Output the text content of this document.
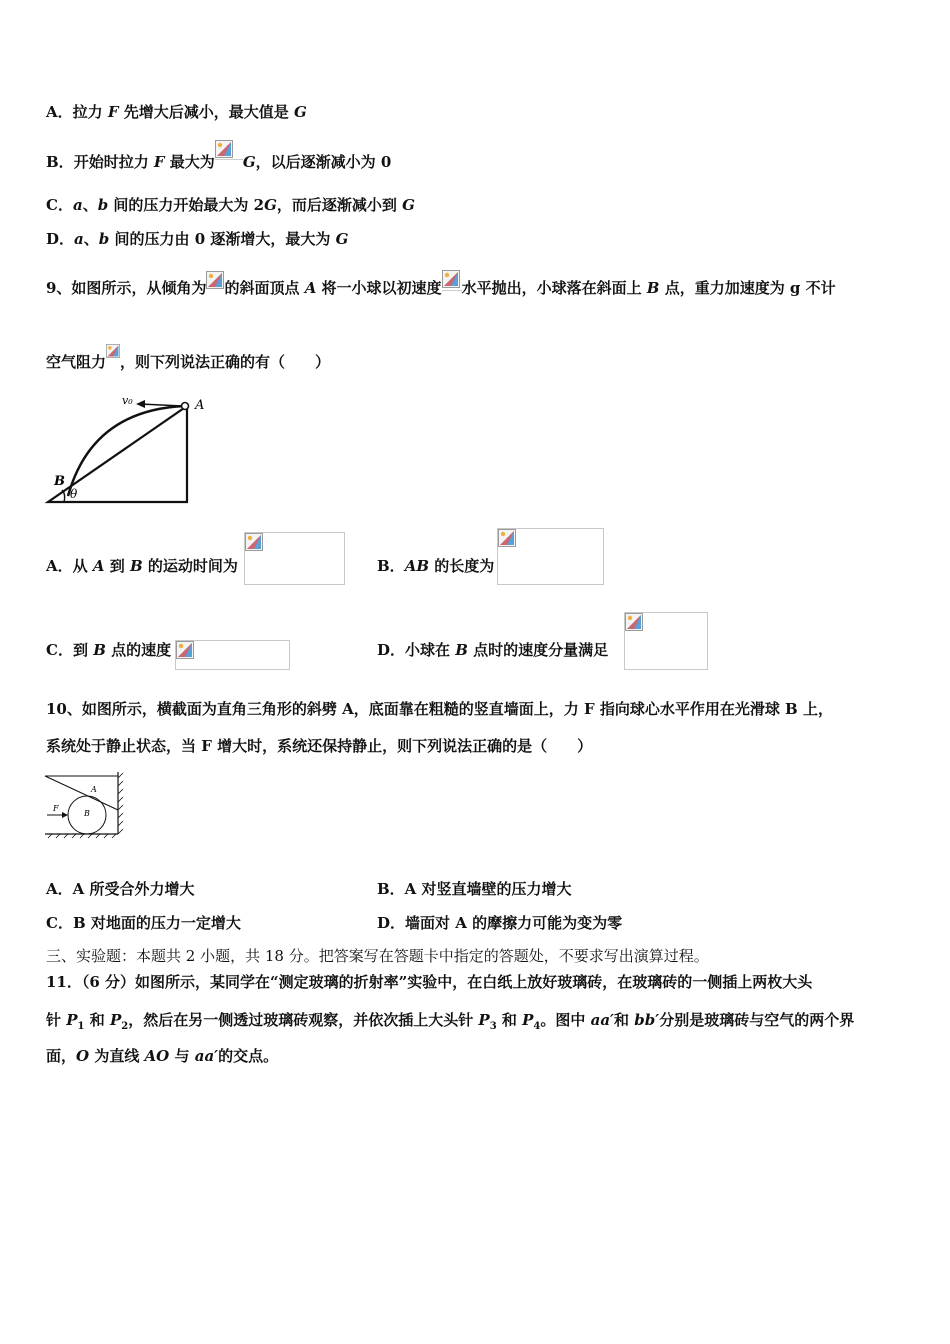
A．拉力 F 先增大后减小，最大值是 G
B．开始时拉力 F 最大为 G，以后逐渐减小为 0
C．a、b 间的压力开始最大为 2G，而后逐渐减小到 G
D．a、b 间的压力由 0 逐渐增大，最大为 G
9、如图所示，从倾角为 的斜面顶点 A 将一小球以初速度 水平抛出，小球落在斜面上 B 点，重力加速度为 g 不计
空气阻力 ，则下列说法正确的有（　　）
v₀	A
B
θ
A．从 A 到 B 的运动时间为	B．AB 的长度为
C．到 B 点的速度	D．小球在 B 点时的速度分量满足
10、如图所示，横截面为直角三角形的斜劈 A，底面靠在粗糙的竖直墙面上，力 F 指向球心水平作用在光滑球 B 上，
系统处于静止状态，当 F 增大时，系统还保持静止，则下列说法正确的是（　　）
A
B
F
A．A 所受合外力增大	B．A 对竖直墙壁的压力增大
C．B 对地面的压力一定增大	D．墙面对 A 的摩擦力可能为变为零
三、实验题：本题共 2 小题，共 18 分。把答案写在答题卡中指定的答题处，不要求写出演算过程。
11．（6 分）如图所示，某同学在“测定玻璃的折射率”实验中，在白纸上放好玻璃砖，在玻璃砖的一侧插上两枚大头
针 $P_1$ 和 $P_2$，然后在另一侧透过玻璃砖观察，并依次插上大头针 $P_3$ 和 $P_4$。图中 aa′和 bb′分别是玻璃砖与空气的两个界
面，O 为直线 AO 与 aa′的交点。
